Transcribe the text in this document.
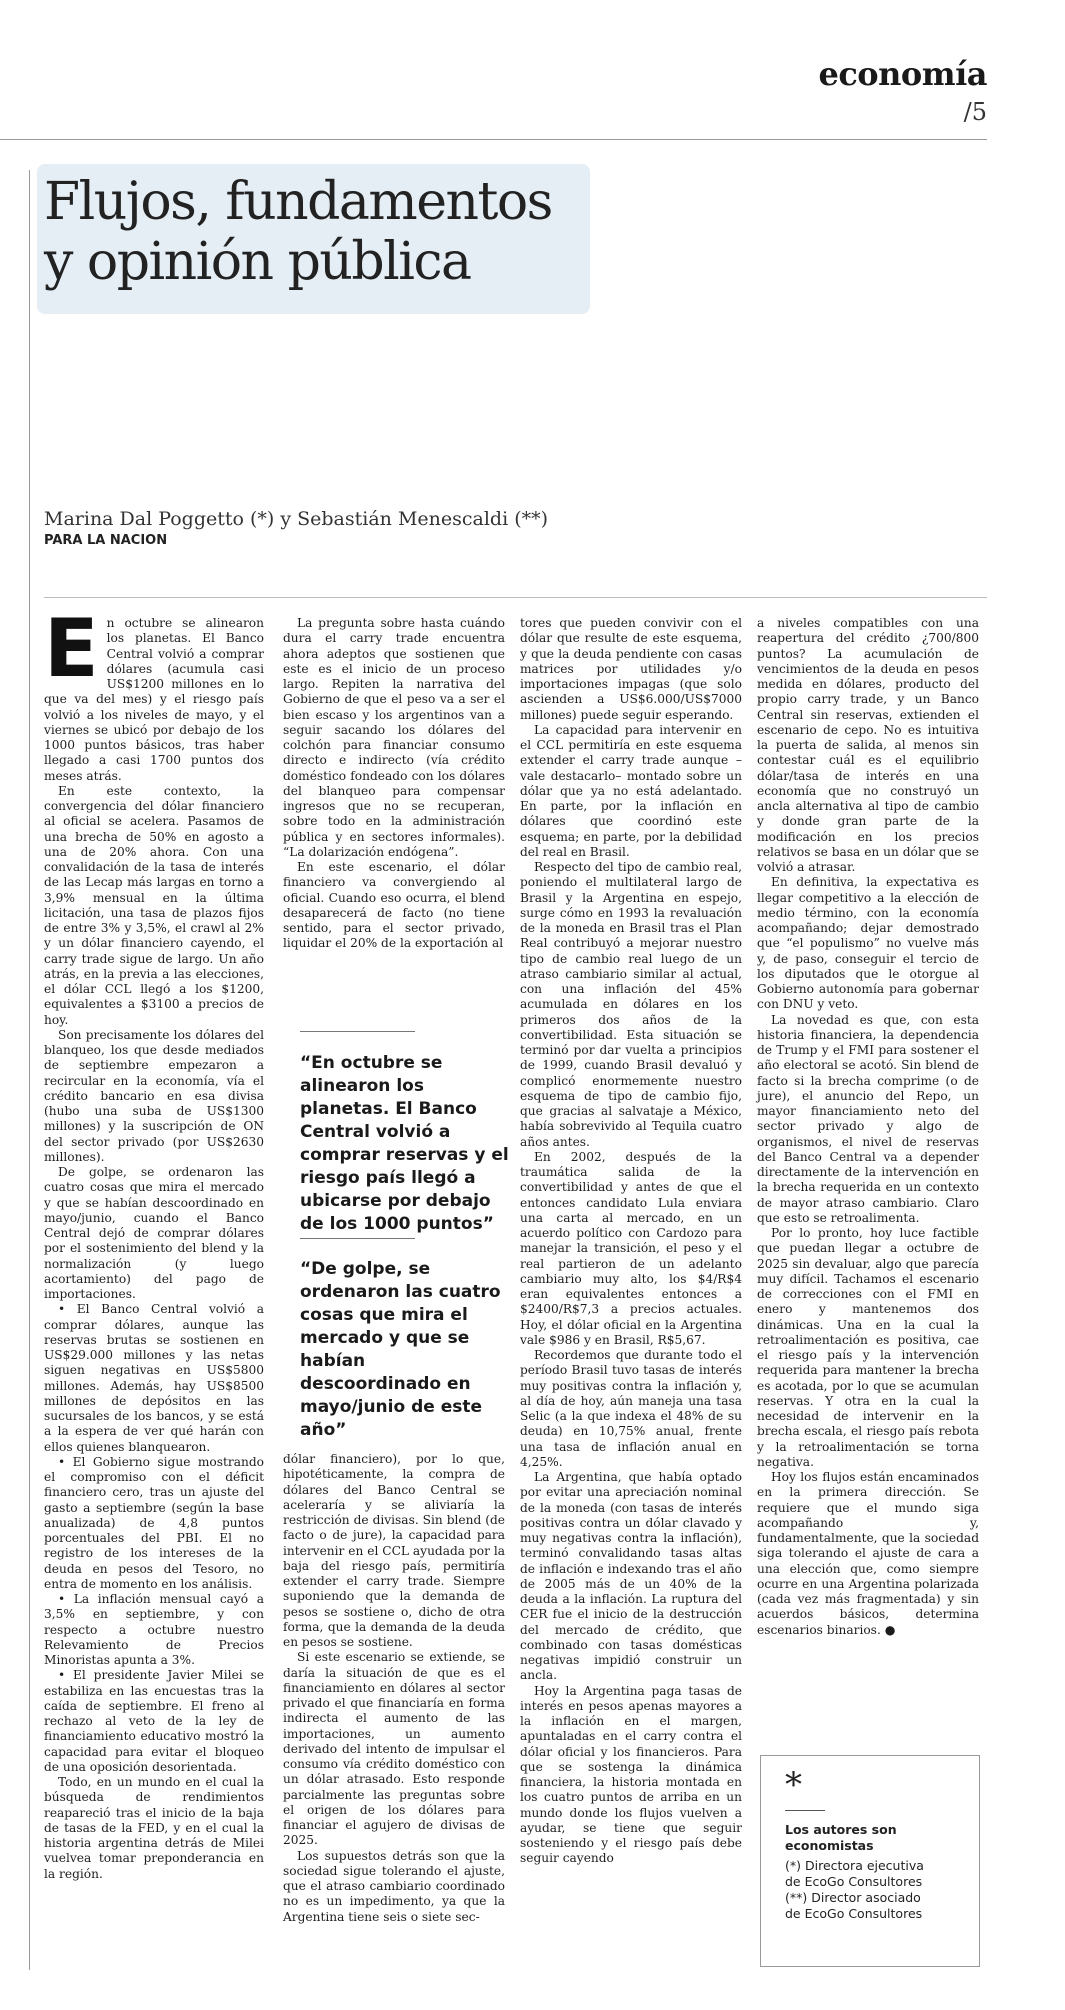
economía
/5
Flujos, fundamentos
y opinión pública

Marina Dal Poggetto (*) y Sebastián Menescaldi (**)

PARA LA NACION

En octubre se alinearon los planetas. El Banco Central volvió a comprar dólares (acumula casi US$1200 millones en lo que va del mes) y el riesgo país volvió a los niveles de mayo, y el viernes se ubicó por debajo de los 1000 puntos básicos, tras haber llegado a casi 1700 puntos dos meses atrás.

En este contexto, la convergencia del dólar financiero al oficial se acelera. Pasamos de una brecha de 50% en agosto a una de 20% ahora. Con una convalidación de la tasa de interés de las Lecap más largas en torno a 3,9% mensual en la última licitación, una tasa de plazos fijos de entre 3% y 3,5%, el crawl al 2% y un dólar financiero cayendo, el carry trade sigue de largo. Un año atrás, en la previa a las elecciones, el dólar CCL llegó a los $1200, equivalentes a $3100 a precios de hoy.

Son precisamente los dólares del blanqueo, los que desde mediados de septiembre empezaron a recircular en la economía, vía el crédito bancario en esa divisa (hubo una suba de US$1300 millones) y la suscripción de ON del sector privado (por US$2630 millones).

De golpe, se ordenaron las cuatro cosas que mira el mercado y que se habían descoordinado en mayo/junio, cuando el Banco Central dejó de comprar dólares por el sostenimiento del blend y la normalización (y luego acortamiento) del pago de importaciones.

• El Banco Central volvió a comprar dólares, aunque las reservas brutas se sostienen en US$29.000 millones y las netas siguen negativas en US$5800 millones. Además, hay US$8500 millones de depósitos en las sucursales de los bancos, y se está a la espera de ver qué harán con ellos quienes blanquearon.

• El Gobierno sigue mostrando el compromiso con el déficit financiero cero, tras un ajuste del gasto a septiembre (según la base anualizada) de 4,8 puntos porcentuales del PBI. El no registro de los intereses de la deuda en pesos del Tesoro, no entra de momento en los análisis.

• La inflación mensual cayó a 3,5% en septiembre, y con respecto a octubre nuestro Relevamiento de Precios Minoristas apunta a 3%.

• El presidente Javier Milei se estabiliza en las encuestas tras la caída de septiembre. El freno al rechazo al veto de la ley de financiamiento educativo mostró la capacidad para evitar el bloqueo de una oposición desorientada.

Todo, en un mundo en el cual la búsqueda de rendimientos reapareció tras el inicio de la baja de tasas de la FED, y en el cual la historia argentina detrás de Milei vuelvea tomar preponderancia en la región.

La pregunta sobre hasta cuándo dura el carry trade encuentra ahora adeptos que sostienen que este es el inicio de un proceso largo. Repiten la narrativa del Gobierno de que el peso va a ser el bien escaso y los argentinos van a seguir sacando los dólares del colchón para financiar consumo directo e indirecto (vía crédito doméstico fondeado con los dólares del blanqueo para compensar ingresos que no se recuperan, sobre todo en la administración pública y en sectores informales). “La dolarización endógena”.

En este escenario, el dólar financiero va convergiendo al oficial. Cuando eso ocurra, el blend desaparecerá de facto (no tiene sentido, para el sector privado, liquidar el 20% de la exportación al

“En octubre se alinearon los planetas. El Banco Central volvió a comprar reservas y el riesgo país llegó a ubicarse por debajo de los 1000 puntos”

“De golpe, se ordenaron las cuatro cosas que mira el mercado y que se habían descoordinado en mayo/junio de este año”

dólar financiero), por lo que, hipotéticamente, la compra de dólares del Banco Central se aceleraría y se aliviaría la restricción de divisas. Sin blend (de facto o de jure), la capacidad para intervenir en el CCL ayudada por la baja del riesgo país, permitiría extender el carry trade. Siempre suponiendo que la demanda de pesos se sostiene o, dicho de otra forma, que la demanda de la deuda en pesos se sostiene.

Si este escenario se extiende, se daría la situación de que es el financiamiento en dólares al sector privado el que financiaría en forma indirecta el aumento de las importaciones, un aumento derivado del intento de impulsar el consumo vía crédito doméstico con un dólar atrasado. Esto responde parcialmente las preguntas sobre el origen de los dólares para financiar el agujero de divisas de 2025.

Los supuestos detrás son que la sociedad sigue tolerando el ajuste, que el atraso cambiario coordinado no es un impedimento, ya que la Argentina tiene seis o siete sec-

tores que pueden convivir con el dólar que resulte de este esquema, y que la deuda pendiente con casas matrices por utilidades y/o importaciones impagas (que solo ascienden a US$6.000/US$7000 millones) puede seguir esperando.

La capacidad para intervenir en el CCL permitiría en este esquema extender el carry trade aunque –vale destacarlo– montado sobre un dólar que ya no está adelantado. En parte, por la inflación en dólares que coordinó este esquema; en parte, por la debilidad del real en Brasil.

Respecto del tipo de cambio real, poniendo el multilateral largo de Brasil y la Argentina en espejo, surge cómo en 1993 la revaluación de la moneda en Brasil tras el Plan Real contribuyó a mejorar nuestro tipo de cambio real luego de un atraso cambiario similar al actual, con una inflación del 45% acumulada en dólares en los primeros dos años de la convertibilidad. Esta situación se terminó por dar vuelta a principios de 1999, cuando Brasil devaluó y complicó enormemente nuestro esquema de tipo de cambio fijo, que gracias al salvataje a México, había sobrevivido al Tequila cuatro años antes.

En 2002, después de la traumática salida de la convertibilidad y antes de que el entonces candidato Lula enviara una carta al mercado, en un acuerdo político con Cardozo para manejar la transición, el peso y el real partieron de un adelanto cambiario muy alto, los $4/R$4 eran equivalentes entonces a $2400/R$7,3 a precios actuales. Hoy, el dólar oficial en la Argentina vale $986 y en Brasil, R$5,67.

Recordemos que durante todo el período Brasil tuvo tasas de interés muy positivas contra la inflación y, al día de hoy, aún maneja una tasa Selic (a la que indexa el 48% de su deuda) en 10,75% anual, frente una tasa de inflación anual en 4,25%.

La Argentina, que había optado por evitar una apreciación nominal de la moneda (con tasas de interés positivas contra un dólar clavado y muy negativas contra la inflación), terminó convalidando tasas altas de inflación e indexando tras el año de 2005 más de un 40% de la deuda a la inflación. La ruptura del CER fue el inicio de la destrucción del mercado de crédito, que combinado con tasas domésticas negativas impidió construir un ancla.

Hoy la Argentina paga tasas de interés en pesos apenas mayores a la inflación en el margen, apuntaladas en el carry contra el dólar oficial y los financieros. Para que se sostenga la dinámica financiera, la historia montada en los cuatro puntos de arriba en un mundo donde los flujos vuelven a ayudar, se tiene que seguir sosteniendo y el riesgo país debe seguir cayendo

a niveles compatibles con una reapertura del crédito ¿700/800 puntos? La acumulación de vencimientos de la deuda en pesos medida en dólares, producto del propio carry trade, y un Banco Central sin reservas, extienden el escenario de cepo. No es intuitiva la puerta de salida, al menos sin contestar cuál es el equilibrio dólar/tasa de interés en una economía que no construyó un ancla alternativa al tipo de cambio y donde gran parte de la modificación en los precios relativos se basa en un dólar que se volvió a atrasar.

En definitiva, la expectativa es llegar competitivo a la elección de medio término, con la economía acompañando; dejar demostrado que “el populismo” no vuelve más y, de paso, conseguir el tercio de los diputados que le otorgue al Gobierno autonomía para gobernar con DNU y veto.

La novedad es que, con esta historia financiera, la dependencia de Trump y el FMI para sostener el año electoral se acotó. Sin blend de facto si la brecha comprime (o de jure), el anuncio del Repo, un mayor financiamiento neto del sector privado y algo de organismos, el nivel de reservas del Banco Central va a depender directamente de la intervención en la brecha requerida en un contexto de mayor atraso cambiario. Claro que esto se retroalimenta.

Por lo pronto, hoy luce factible que puedan llegar a octubre de 2025 sin devaluar, algo que parecía muy difícil. Tachamos el escenario de correcciones con el FMI en enero y mantenemos dos dinámicas. Una en la cual la retroalimentación es positiva, cae el riesgo país y la intervención requerida para mantener la brecha es acotada, por lo que se acumulan reservas. Y otra en la cual la necesidad de intervenir en la brecha escala, el riesgo país rebota y la retroalimentación se torna negativa.

Hoy los flujos están encaminados en la primera dirección. Se requiere que el mundo siga acompañando y, fundamentalmente, que la sociedad siga tolerando el ajuste de cara a una elección que, como siempre ocurre en una Argentina polarizada (cada vez más fragmentada) y sin acuerdos básicos, determina escenarios binarios. ●

*

Los autores son economistas

(*) Directora ejecutiva

de EcoGo Consultores

(**) Director asociado

de EcoGo Consultores
